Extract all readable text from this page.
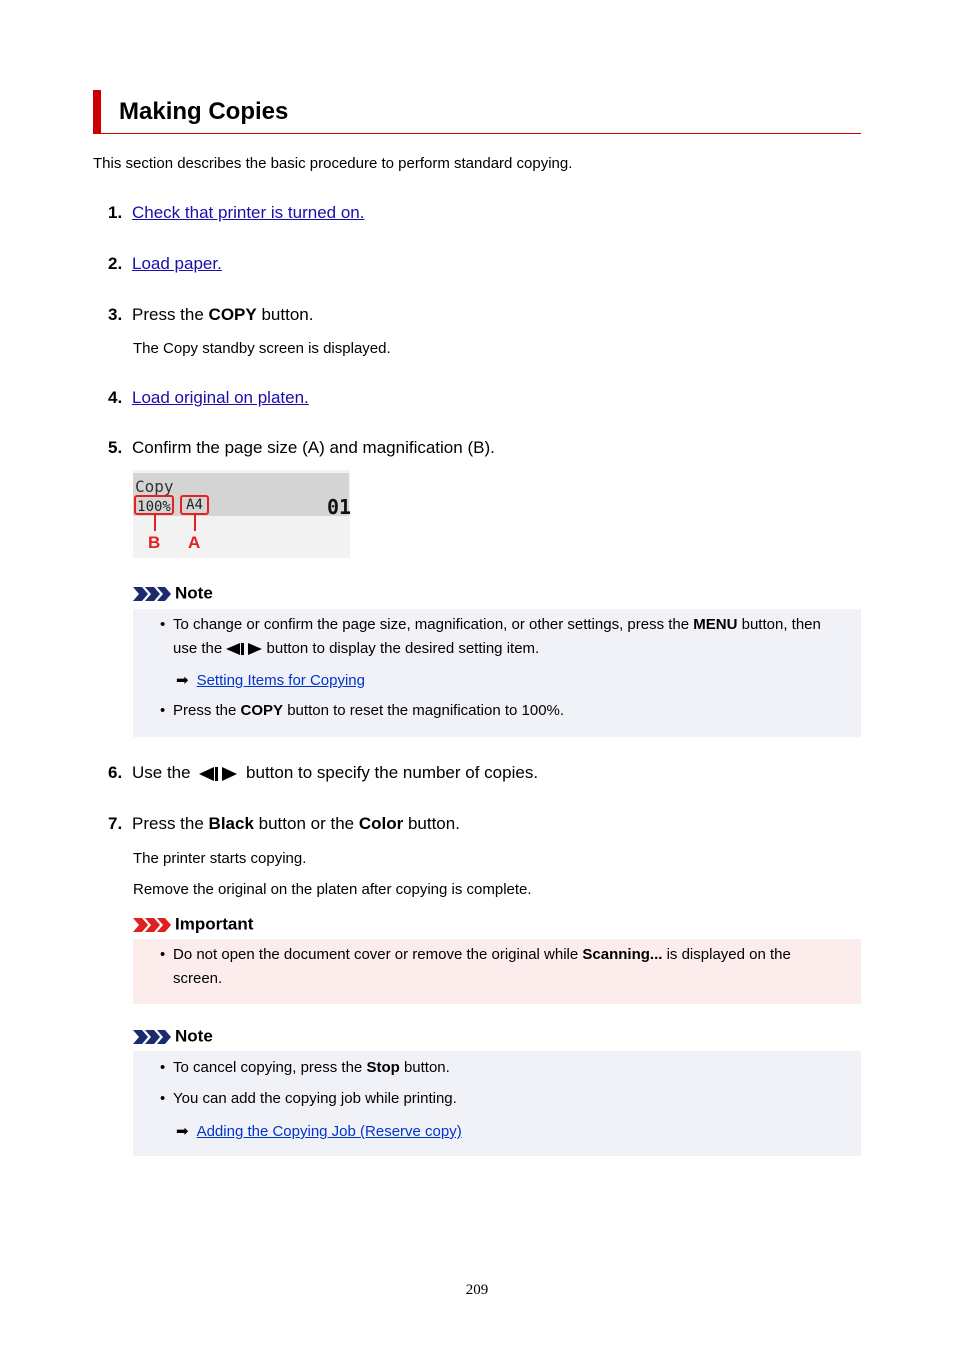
Making Copies
This section describes the basic procedure to perform standard copying.
1. Check that printer is turned on.
2. Load paper.
3. Press the COPY button.
The Copy standby screen is displayed.
4. Load original on platen.
5. Confirm the page size (A) and magnification (B).
Copy
100%	A4	01
B A
Note
• To change or confirm the page size, magnification, or other settings, press the MENU button, then
use the  button to display the desired setting item.
➡ Setting Items for Copying
• Press the COPY button to reset the magnification to 100%.
6. Use the	button to specify the number of copies.
7. Press the Black button or the Color button.
The printer starts copying.
Remove the original on the platen after copying is complete.
Important
• Do not open the document cover or remove the original while Scanning... is displayed on the
screen.
Note
• To cancel copying, press the Stop button.
• You can add the copying job while printing.
➡ Adding the Copying Job (Reserve copy)
209
